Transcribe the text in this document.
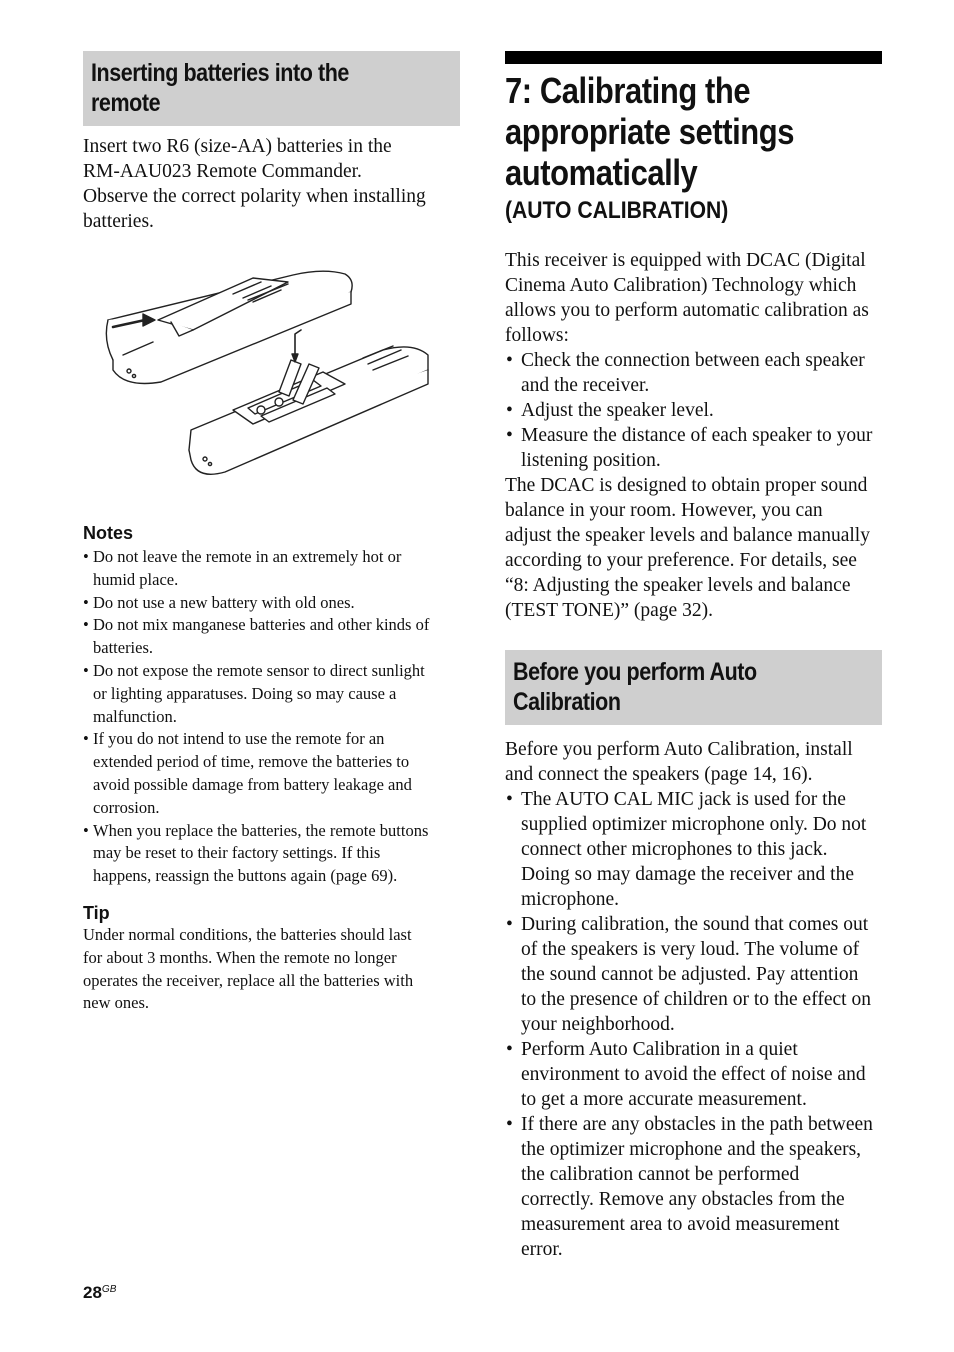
Inserting batteries into the
remote

Insert two R6 (size-AA) batteries in the

RM-AAU023 Remote Commander.

Observe the correct polarity when installing

batteries.

Notes

• Do not leave the remote in an extremely hot or
humid place.
• Do not use a new battery with old ones.
• Do not mix manganese batteries and other kinds of
batteries.
• Do not expose the remote sensor to direct sunlight
or lighting apparatuses. Doing so may cause a
malfunction.
• If you do not intend to use the remote for an
extended period of time, remove the batteries to
avoid possible damage from battery leakage and
corrosion.
• When you replace the batteries, the remote buttons
may be reset to their factory settings. If this
happens, reassign the buttons again (page 69).

Tip

Under normal conditions, the batteries should last
for about 3 months. When the remote no longer
operates the receiver, replace all the batteries with
new ones.
7: Calibrating the
appropriate settings
automatically

(AUTO CALIBRATION)

This receiver is equipped with DCAC (Digital

Cinema Auto Calibration) Technology which

allows you to perform automatic calibration as

follows:

• Check the connection between each speaker
and the receiver.
• Adjust the speaker level.
• Measure the distance of each speaker to your
listening position.

The DCAC is designed to obtain proper sound

balance in your room. However, you can

adjust the speaker levels and balance manually

according to your preference. For details, see

“8: Adjusting the speaker levels and balance

(TEST TONE)” (page 32).

Before you perform Auto
Calibration

Before you perform Auto Calibration, install

and connect the speakers (page 14, 16).

• The AUTO CAL MIC jack is used for the
supplied optimizer microphone only. Do not
connect other microphones to this jack.
Doing so may damage the receiver and the
microphone.
• During calibration, the sound that comes out
of the speakers is very loud. The volume of
the sound cannot be adjusted. Pay attention
to the presence of children or to the effect on
your neighborhood.
• Perform Auto Calibration in a quiet
environment to avoid the effect of noise and
to get a more accurate measurement.
• If there are any obstacles in the path between
the optimizer microphone and the speakers,
the calibration cannot be performed
correctly. Remove any obstacles from the
measurement area to avoid measurement
error.
$28^{GB}$
